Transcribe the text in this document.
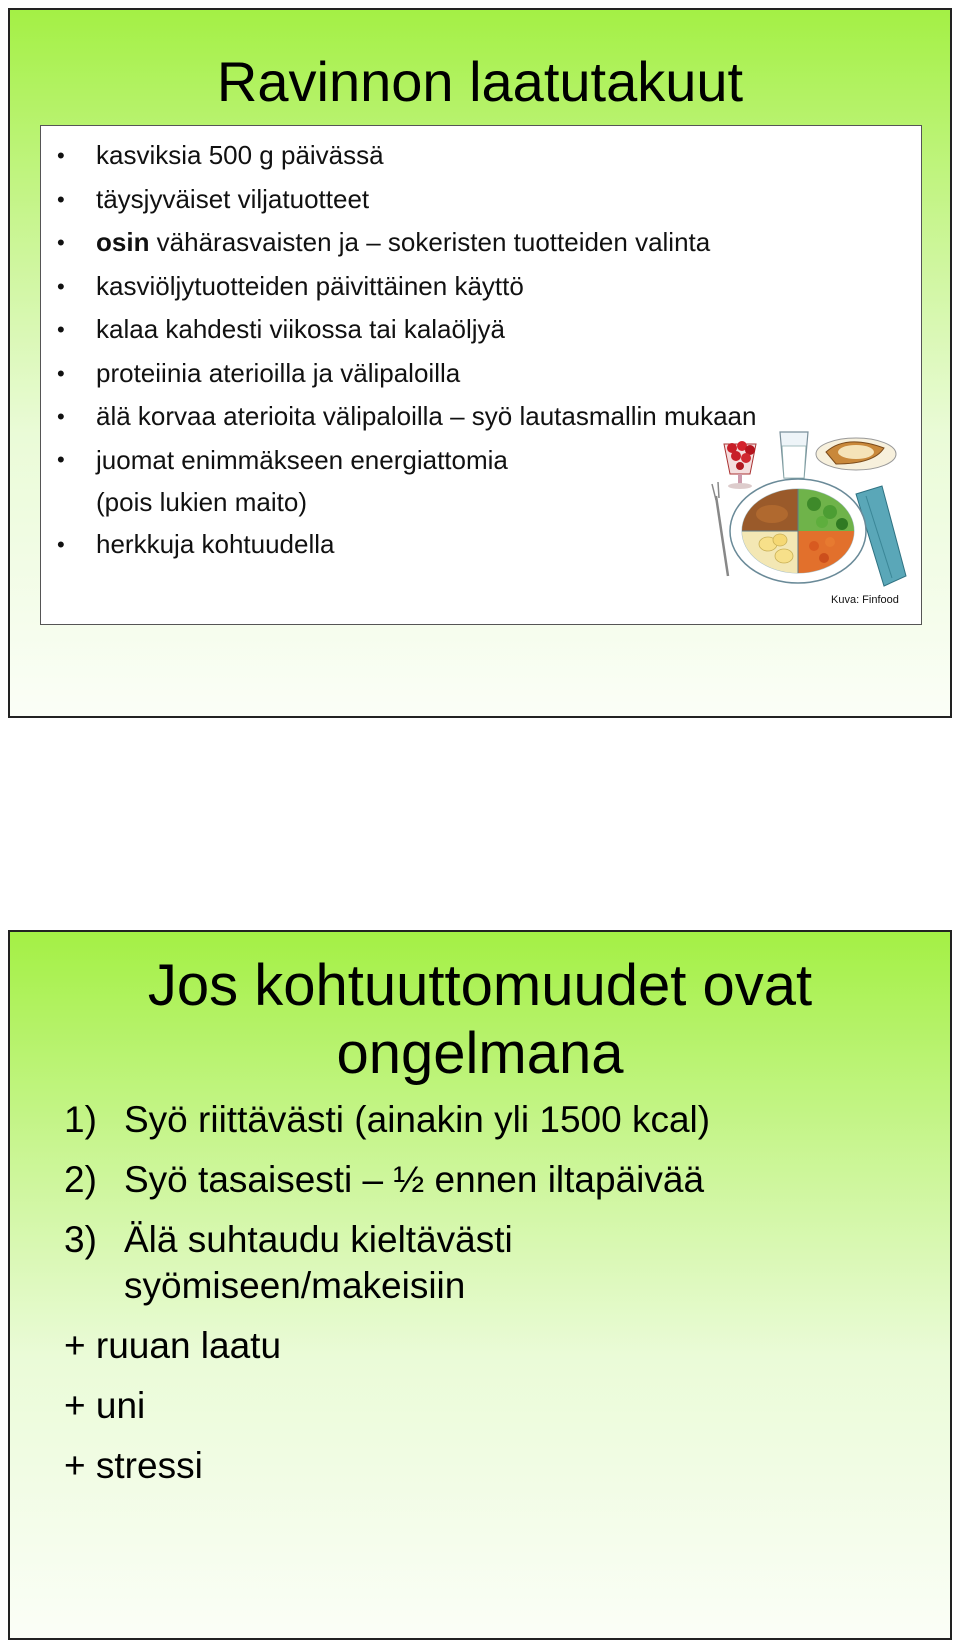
Ravinnon laatutakuut
• kasviksia 500 g päivässä
• täysjyväiset viljatuotteet
• osin vähärasvaisten ja – sokeristen tuotteiden valinta
• kasviöljytuotteiden päivittäinen käyttö
• kalaa kahdesti viikossa tai kalaöljyä
• proteiinia aterioilla ja välipaloilla
• älä korvaa aterioita välipaloilla – syö lautasmallin mukaan
• juomat enimmäkseen energiattomia
(pois lukien maito)
• herkkuja kohtuudella
Kuva: Finfood
Jos kohtuuttomuudet ovat
ongelmana
1) Syö riittävästi (ainakin yli 1500 kcal)
2) Syö tasaisesti – ½ ennen iltapäivää
3) Älä suhtaudu kieltävästi
syömiseen/makeisiin
+ ruuan laatu
+ uni
+ stressi
